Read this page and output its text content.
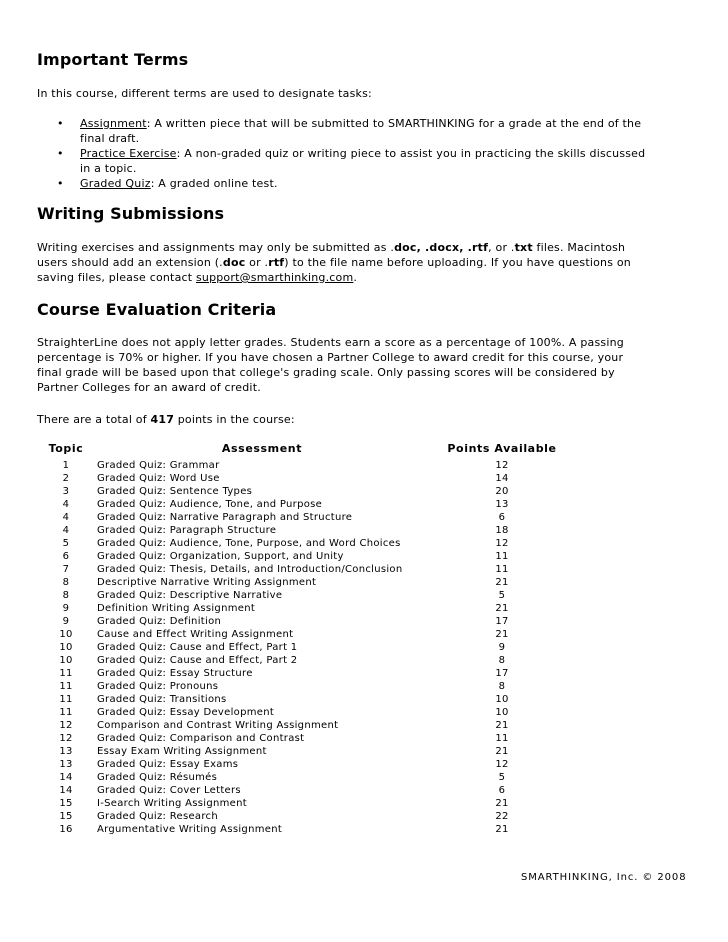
Important Terms

In this course, different terms are used to designate tasks:

• Assignment: A written piece that will be submitted to SMARTHINKING for a grade at the end of the final draft.
• Practice Exercise: A non-graded quiz or writing piece to assist you in practicing the skills discussed in a topic.
• Graded Quiz: A graded online test.
Writing Submissions

Writing exercises and assignments may only be submitted as .doc, .docx, .rtf, or .txt files. Macintosh users should add an extension (.doc or .rtf) to the file name before uploading. If you have questions on saving files, please contact support@smarthinking.com.

Course Evaluation Criteria

StraighterLine does not apply letter grades. Students earn a score as a percentage of 100%. A passing percentage is 70% or higher. If you have chosen a Partner College to award credit for this course, your final grade will be based upon that college's grading scale. Only passing scores will be considered by Partner Colleges for an award of credit.

There are a total of 417 points in the course:

Topic	Assessment	Points Available
1	Graded Quiz: Grammar	12
2	Graded Quiz: Word Use	14
3	Graded Quiz: Sentence Types	20
4	Graded Quiz: Audience, Tone, and Purpose	13
4	Graded Quiz: Narrative Paragraph and Structure	6
4	Graded Quiz: Paragraph Structure	18
5	Graded Quiz: Audience, Tone, Purpose, and Word Choices	12
6	Graded Quiz: Organization, Support, and Unity	11
7	Graded Quiz: Thesis, Details, and Introduction/Conclusion	11
8	Descriptive Narrative Writing Assignment	21
8	Graded Quiz: Descriptive Narrative	5
9	Definition Writing Assignment	21
9	Graded Quiz: Definition	17
10	Cause and Effect Writing Assignment	21
10	Graded Quiz: Cause and Effect, Part 1	9
10	Graded Quiz: Cause and Effect, Part 2	8
11	Graded Quiz: Essay Structure	17
11	Graded Quiz: Pronouns	8
11	Graded Quiz: Transitions	10
11	Graded Quiz: Essay Development	10
12	Comparison and Contrast Writing Assignment	21
12	Graded Quiz: Comparison and Contrast	11
13	Essay Exam Writing Assignment	21
13	Graded Quiz: Essay Exams	12
14	Graded Quiz: Résumés	5
14	Graded Quiz: Cover Letters	6
15	I-Search Writing Assignment	21
15	Graded Quiz: Research	22
16	Argumentative Writing Assignment	21
SMARTHINKING, Inc. © 2008
